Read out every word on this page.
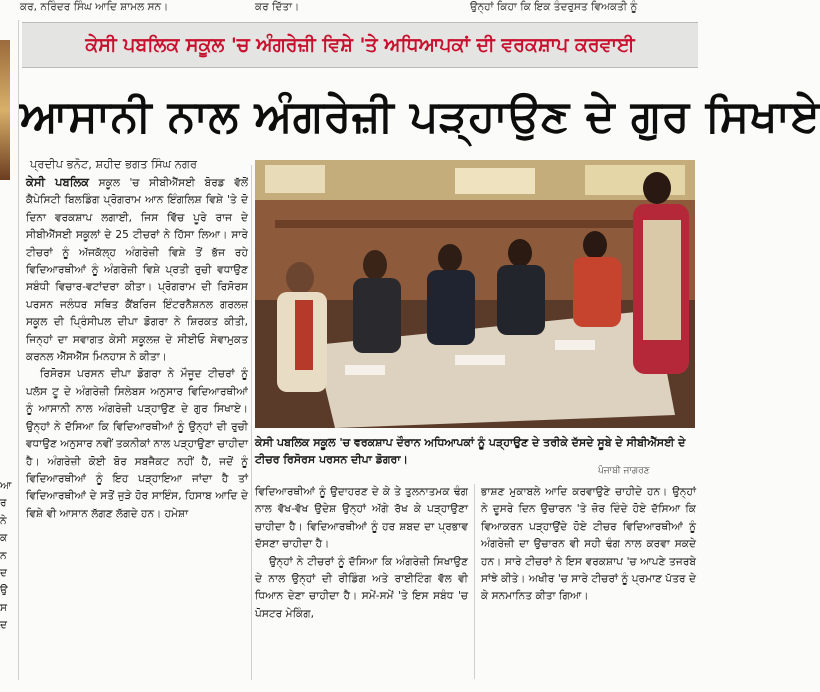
ਕਰ, ਨਰਿੰਦਰ ਸਿੰਘ ਆਦਿ ਸ਼ਾਮਲ ਸਨ।	ਕਰ ਦਿੱਤਾ।	ਉਨ੍ਹਾਂ ਕਿਹਾ ਕਿ ਇਕ ਤੰਦਰੁਸਤ ਵਿਅਕਤੀ ਨੂੰ
ਆ
ਰ
ਨੇ
ਕ
ਨ
ਦ
ਉ
ਸ
ਦ
ਕੇਸੀ ਪਬਲਿਕ ਸਕੂਲ 'ਚ ਅੰਗਰੇਜ਼ੀ ਵਿਸ਼ੇ 'ਤੇ ਅਧਿਆਪਕਾਂ ਦੀ ਵਰਕਸ਼ਾਪ ਕਰਵਾਈ
ਆਸਾਨੀ ਨਾਲ ਅੰਗਰੇਜ਼ੀ ਪੜ੍ਹਾਉਣ ਦੇ ਗੁਰ ਸਿਖਾਏ
ਪ੍ਰਦੀਪ ਭਨੋਟ, ਸ਼ਹੀਦ ਭਗਤ ਸਿੰਘ ਨਗਰ

ਕੇਸੀ ਪਬਲਿਕ ਸਕੂਲ 'ਚ ਸੀਬੀਐੱਸਈ ਬੋਰਡ ਵੱਲੋਂ ਕੈਪੇਸਿਟੀ ਬਿਲਡਿੰਗ ਪ੍ਰੋਗਰਾਮ ਆਨ ਇੰਗਲਿਸ਼ ਵਿਸ਼ੇ 'ਤੇ ਦੋ ਦਿਨਾ ਵਰਕਸ਼ਾਪ ਲਗਾਈ, ਜਿਸ ਵਿੱਚ ਪੂਰੇ ਰਾਜ ਦੇ ਸੀਬੀਐੱਸਈ ਸਕੂਲਾਂ ਦੇ 25 ਟੀਚਰਾਂ ਨੇ ਹਿੱਸਾ ਲਿਆ। ਸਾਰੇ ਟੀਚਰਾਂ ਨੂੰ ਅੱਜਕੱਲ੍ਹ ਅੰਗਰੇਜ਼ੀ ਵਿਸ਼ੇ ਤੋਂ ਭੱਜ ਰਹੇ ਵਿਦਿਆਰਥੀਆਂ ਨੂੰ ਅੰਗਰੇਜ਼ੀ ਵਿਸ਼ੇ ਪ੍ਰਤੀ ਰੁਚੀ ਵਧਾਉਣ ਸਬੰਧੀ ਵਿਚਾਰ-ਵਟਾਂਦਰਾ ਕੀਤਾ। ਪ੍ਰੋਗਰਾਮ ਦੀ ਰਿਸੋਰਸ ਪਰਸਨ ਜਲੰਧਰ ਸਥਿਤ ਕੈਂਬਰਿਜ ਇੰਟਰਨੈਸ਼ਨਲ ਗਰਲਜ਼ ਸਕੂਲ ਦੀ ਪ੍ਰਿੰਸੀਪਲ ਦੀਪਾ ਡੋਗਰਾ ਨੇ ਸ਼ਿਰਕਤ ਕੀਤੀ, ਜਿਨ੍ਹਾਂ ਦਾ ਸਵਾਗਤ ਕੇਸੀ ਸਕੂਲਜ਼ ਦੇ ਸੀਈਓ ਸੇਵਾਮੁਕਤ ਕਰਨਲ ਐੱਸਐੱਸ ਮਿਨਹਾਸ ਨੇ ਕੀਤਾ।

ਰਿਸੋਰਸ ਪਰਸਨ ਦੀਪਾ ਡੋਗਰਾ ਨੇ ਮੌਜੂਦ ਟੀਚਰਾਂ ਨੂੰ ਪਲੱਸ ਟੂ ਦੇ ਅੰਗਰੇਜ਼ੀ ਸਿਲੇਬਸ ਅਨੁਸਾਰ ਵਿਦਿਆਰਥੀਆਂ ਨੂੰ ਆਸਾਨੀ ਨਾਲ ਅੰਗਰੇਜ਼ੀ ਪੜ੍ਹਾਉਣ ਦੇ ਗੁਰ ਸਿਖਾਏ। ਉਨ੍ਹਾਂ ਨੇ ਦੱਸਿਆ ਕਿ ਵਿਦਿਆਰਥੀਆਂ ਨੂੰ ਉਨ੍ਹਾਂ ਦੀ ਰੁਚੀ ਵਧਾਉਣ ਅਨੁਸਾਰ ਨਵੀਂ ਤਕਨੀਕਾਂ ਨਾਲ ਪੜ੍ਹਾਉਣਾ ਚਾਹੀਦਾ ਹੈ। ਅੰਗਰੇਜ਼ੀ ਕੋਈ ਬੋਰ ਸਬਜੈਕਟ ਨਹੀਂ ਹੈ, ਜਦੋਂ ਨੂੰ ਵਿਦਿਆਰਥੀਆਂ ਨੂੰ ਇਹ ਪੜ੍ਹਾਇਆ ਜਾਂਦਾ ਹੈ ਤਾਂ ਵਿਦਿਆਰਥੀਆਂ ਦੇ ਸਤੋਂ ਜੁੜੇ ਹੋਰ ਸਾਇੰਸ, ਹਿਸਾਬ ਆਦਿ ਦੇ ਵਿਸ਼ੇ ਵੀ ਆਸਾਨ ਲੱਗਣ ਲੱਗਦੇ ਹਨ। ਹਮੇਸ਼ਾ

ਕੇਸੀ ਪਬਲਿਕ ਸਕੂਲ 'ਚ ਵਰਕਸ਼ਾਪ ਦੌਰਾਨ ਅਧਿਆਪਕਾਂ ਨੂੰ ਪੜ੍ਹਾਉਣ ਦੇ ਤਰੀਕੇ ਦੱਸਦੇ ਸੂਬੇ ਦੇ ਸੀਬੀਐੱਸਈ ਦੇ ਟੀਚਰ ਰਿਸੋਰਸ ਪਰਸਨ ਦੀਪਾ ਡੋਗਰਾ।
ਪੰਜਾਬੀ ਜਾਗਰਣ

ਵਿਦਿਆਰਥੀਆਂ ਨੂੰ ਉਦਾਹਰਣ ਦੇ ਕੇ ਤੇ ਤੁਲਨਾਤਮਕ ਢੰਗ ਨਾਲ ਵੱਖ-ਵੱਖ ਉਦੇਸ਼ ਉਨ੍ਹਾਂ ਅੱਗੇ ਰੱਖ ਕੇ ਪੜ੍ਹਾਉਣਾ ਚਾਹੀਦਾ ਹੈ। ਵਿਦਿਆਰਥੀਆਂ ਨੂੰ ਹਰ ਸ਼ਬਦ ਦਾ ਪ੍ਰਭਾਵ ਦੱਸਣਾ ਚਾਹੀਦਾ ਹੈ।

ਉਨ੍ਹਾਂ ਨੇ ਟੀਚਰਾਂ ਨੂੰ ਦੱਸਿਆ ਕਿ ਅੰਗਰੇਜ਼ੀ ਸਿਖਾਉਣ ਦੇ ਨਾਲ ਉਨ੍ਹਾਂ ਦੀ ਰੀਡਿੰਗ ਅਤੇ ਰਾਈਟਿੰਗ ਵੱਲ ਵੀ ਧਿਆਨ ਦੇਣਾ ਚਾਹੀਦਾ ਹੈ। ਸਮੇਂ-ਸਮੇਂ 'ਤੇ ਇਸ ਸਬੰਧ 'ਚ ਪੋਸਟਰ ਮੇਕਿੰਗ,

ਭਾਸ਼ਣ ਮੁਕਾਬਲੇ ਆਦਿ ਕਰਵਾਉਣੇ ਚਾਹੀਦੇ ਹਨ। ਉਨ੍ਹਾਂ ਨੇ ਦੂਸਰੇ ਦਿਨ ਉਚਾਰਨ 'ਤੇ ਜ਼ੋਰ ਦਿੰਦੇ ਹੋਏ ਦੱਸਿਆ ਕਿ ਵਿਆਕਰਨ ਪੜ੍ਹਾਉਂਦੇ ਹੋਏ ਟੀਚਰ ਵਿਦਿਆਰਥੀਆਂ ਨੂੰ ਅੰਗਰੇਜ਼ੀ ਦਾ ਉਚਾਰਨ ਵੀ ਸਹੀ ਢੰਗ ਨਾਲ ਕਰਵਾ ਸਕਦੇ ਹਨ। ਸਾਰੇ ਟੀਚਰਾਂ ਨੇ ਇਸ ਵਰਕਸ਼ਾਪ 'ਚ ਆਪਣੇ ਤਜਰਬੇ ਸਾਂਝੇ ਕੀਤੇ। ਅਖੀਰ 'ਚ ਸਾਰੇ ਟੀਚਰਾਂ ਨੂੰ ਪ੍ਰਮਾਣ ਪੱਤਰ ਦੇ ਕੇ ਸਨਮਾਨਿਤ ਕੀਤਾ ਗਿਆ।
